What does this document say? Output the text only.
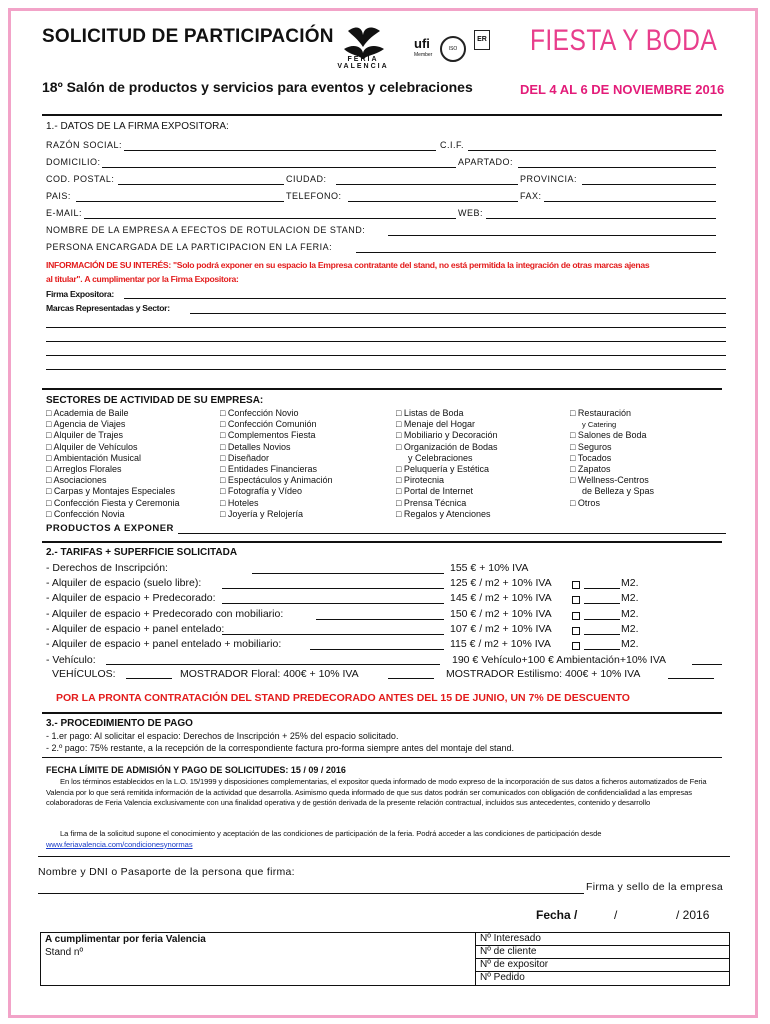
SOLICITUD DE PARTICIPACIÓN
FERIA VALENCIA
ufi
Member
ISO
ER FIESTA Y BODA
18º Salón de productos y servicios para eventos y celebraciones	DEL 4 AL 6 DE NOVIEMBRE 2016
1.- DATOS DE LA FIRMA EXPOSITORA:
RAZÓN SOCIAL:	C.I.F.
DOMICILIO:	APARTADO:
COD. POSTAL:	CIUDAD:	PROVINCIA:
PAIS:	TELEFONO:	FAX:
E-MAIL:	WEB:
NOMBRE DE LA EMPRESA A EFECTOS DE ROTULACION DE STAND:
PERSONA ENCARGADA DE LA PARTICIPACION EN LA FERIA:
INFORMACIÓN DE SU INTERÉS: "Solo podrá exponer en su espacio la Empresa contratante del stand, no está permitida la integración de otras marcas ajenas
al titular". A cumplimentar por la Firma Expositora:
Firma Expositora:
Marcas Representadas y Sector:
SECTORES DE ACTIVIDAD DE SU EMPRESA:
□ Academia de Baile
□ Agencia de Viajes
□ Alquiler de Trajes
□ Alquiler de Vehículos
□ Ambientación Musical
□ Arreglos Florales
□ Asociaciones
□ Carpas y Montajes Especiales
□ Confección Fiesta y Ceremonia
□ Confección Novia
□ Confección Novio
□ Confección Comunión
□ Complementos Fiesta
□ Detalles Novios
□ Diseñador
□ Entidades Financieras
□ Espectáculos y Animación
□ Fotografía y Vídeo
□ Hoteles
□ Joyería y Relojería
□ Listas de Boda
□ Menaje del Hogar
□ Mobiliario y Decoración
□ Organización de Bodas
y Celebraciones
□ Peluquería y Estética
□ Pirotecnia
□ Portal de Internet
□ Prensa Técnica
□ Regalos y Atenciones
□ Restauración
y Catering
□ Salones de Boda
□ Seguros
□ Tocados
□ Zapatos
□ Wellness-Centros
de Belleza y Spas
□ Otros
PRODUCTOS A EXPONER
2.- TARIFAS + SUPERFICIE SOLICITADA
- Derechos de Inscripción:	155 € + 10% IVA
- Alquiler de espacio (suelo libre):	125 € / m2 + 10% IVA	M2.
- Alquiler de espacio + Predecorado:	145 € / m2 + 10% IVA	M2.
- Alquiler de espacio + Predecorado con mobiliario:	150 € / m2 + 10% IVA	M2.
- Alquiler de espacio + panel entelado:	107 € / m2 + 10% IVA	M2.
- Alquiler de espacio + panel entelado + mobiliario:	115 € / m2 + 10% IVA	M2.
- Vehículo:	190 € Vehículo+100 € Ambientación+10% IVA
VEHÍCULOS:	MOSTRADOR Floral: 400€ + 10% IVA	MOSTRADOR Estilismo: 400€ + 10% IVA
POR LA PRONTA CONTRATACIÓN DEL STAND PREDECORADO ANTES DEL 15 DE JUNIO, UN 7% DE DESCUENTO
3.- PROCEDIMIENTO DE PAGO
- 1.er pago: Al solicitar el espacio: Derechos de Inscripción + 25% del espacio solicitado.
- 2.º pago: 75% restante, a la recepción de la correspondiente factura pro-forma siempre antes del montaje del stand.
FECHA LÍMITE DE ADMISIÓN Y PAGO DE SOLICITUDES: 15 / 09 / 2016
En los términos establecidos en la L.O. 15/1999 y disposiciones complementarias, el expositor queda informado de modo expreso de la incorporación de sus datos a ficheros automatizados de Feria Valencia por lo que será remitida información de la actividad que desarrolla. Asimismo queda informado de que sus datos podrán ser comunicados con obligación de confidencialidad a las empresas colaboradoras de Feria Valencia exclusivamente con una finalidad operativa y de gestión derivada de la presente relación contractual, incluidos sus antecedentes, contenido y desarrollo
La firma de la solicitud supone el conocimiento y aceptación de las condiciones de participación de la feria. Podrá acceder a las condiciones de participación desde www.feriavalencia.com/condicionesynormas
Nombre y DNI o Pasaporte de la persona que firma:
Firma y sello de la empresa
Fecha /	/	/ 2016
A cumplimentar por feria Valencia
Stand nº

Nº Interesado
Nº de cliente
Nº de expositor
Nº Pedido
